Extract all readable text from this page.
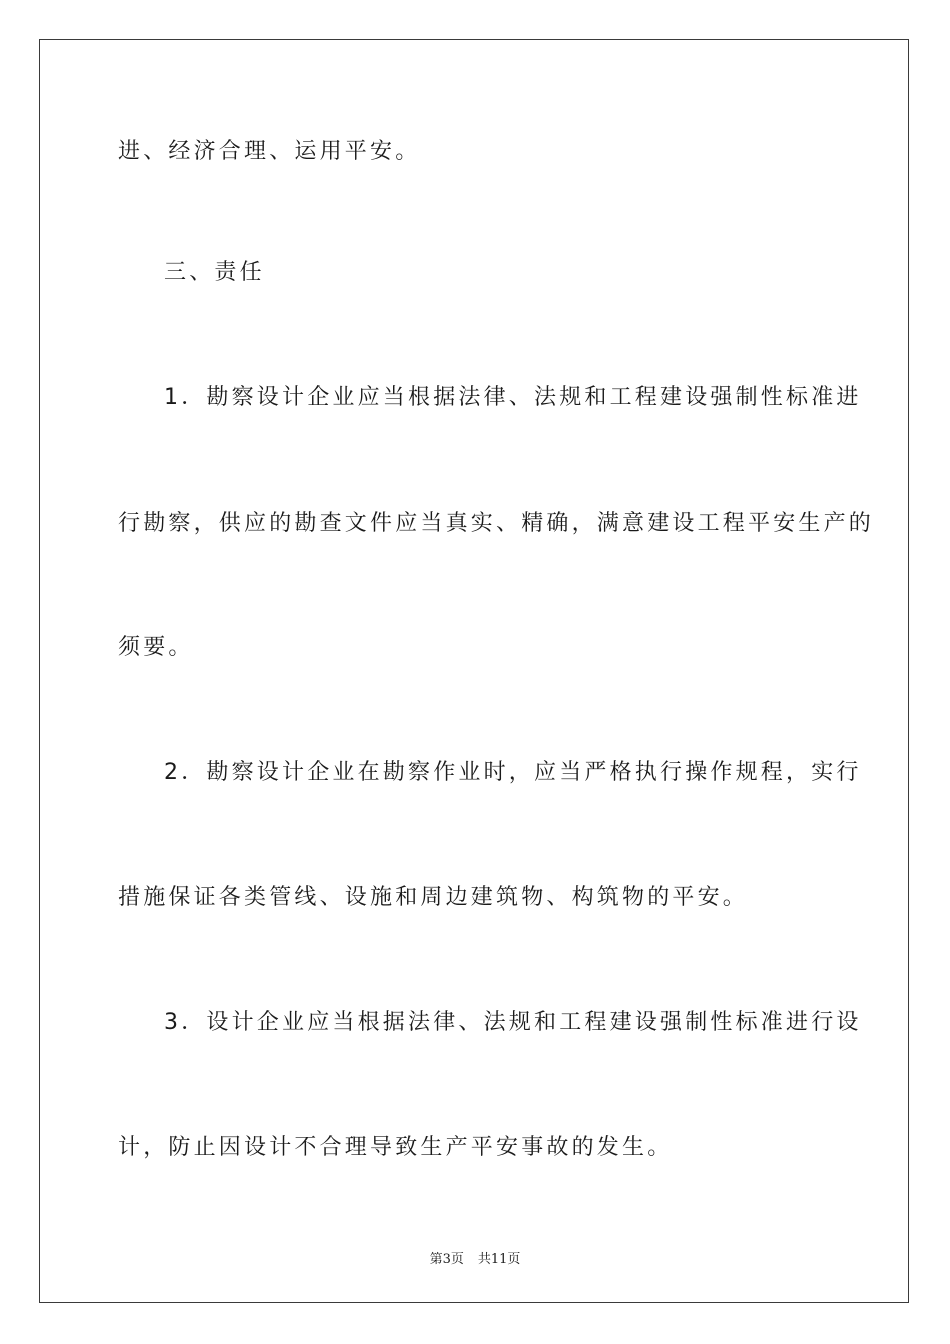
进、经济合理、运用平安。
三、责任
1．勘察设计企业应当根据法律、法规和工程建设强制性标准进
行勘察，供应的勘查文件应当真实、精确，满意建设工程平安生产的
须要。
2．勘察设计企业在勘察作业时，应当严格执行操作规程，实行
措施保证各类管线、设施和周边建筑物、构筑物的平安。
3．设计企业应当根据法律、法规和工程建设强制性标准进行设
计，防止因设计不合理导致生产平安事故的发生。
第3页 共11页
